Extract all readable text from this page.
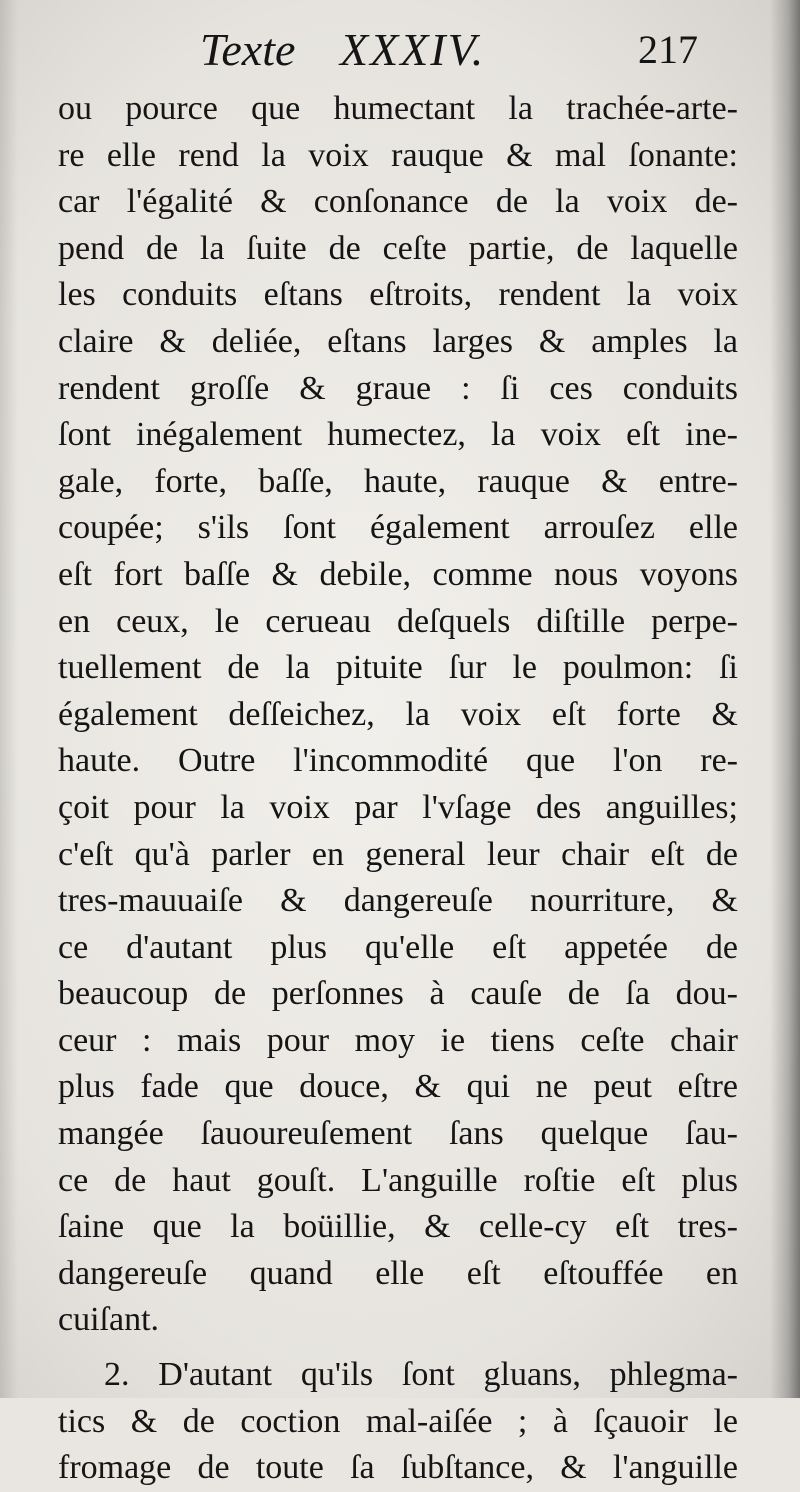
Texte XXXIV.	217
ou pource que humectant la trachée-arte-
re elle rend la voix rauque & mal ſonante:
car l'égalité & conſonance de la voix de-
pend de la ſuite de ceſte partie, de laquelle
les conduits eſtans eſtroits, rendent la voix
claire & deliée, eſtans larges & amples la
rendent groſſe & graue : ſi ces conduits
ſont inégalement humectez, la voix eſt ine-
gale, forte, baſſe, haute, rauque & entre-
coupée; s'ils ſont également arrouſez elle
eſt fort baſſe & debile, comme nous voyons
en ceux, le cerueau deſquels diſtille perpe-
tuellement de la pituite ſur le poulmon: ſi
également deſſeichez, la voix eſt forte &
haute. Outre l'incommodité que l'on re-
çoit pour la voix par l'vſage des anguilles;
c'eſt qu'à parler en general leur chair eſt de
tres-mauuaiſe & dangereuſe nourriture, &
ce d'autant plus qu'elle eſt appetée de
beaucoup de perſonnes à cauſe de ſa dou-
ceur : mais pour moy ie tiens ceſte chair
plus fade que douce, & qui ne peut eſtre
mangée ſauoureuſement ſans quelque ſau-
ce de haut gouſt. L'anguille roſtie eſt plus
ſaine que la boüillie, & celle-cy eſt tres-
dangereuſe quand elle eſt eſtouffée en
cuiſant.
2. D'autant qu'ils ſont gluans, phlegma-
tics & de coction mal-aiſée ; à ſçauoir le
fromage de toute ſa ſubſtance, & l'anguille
